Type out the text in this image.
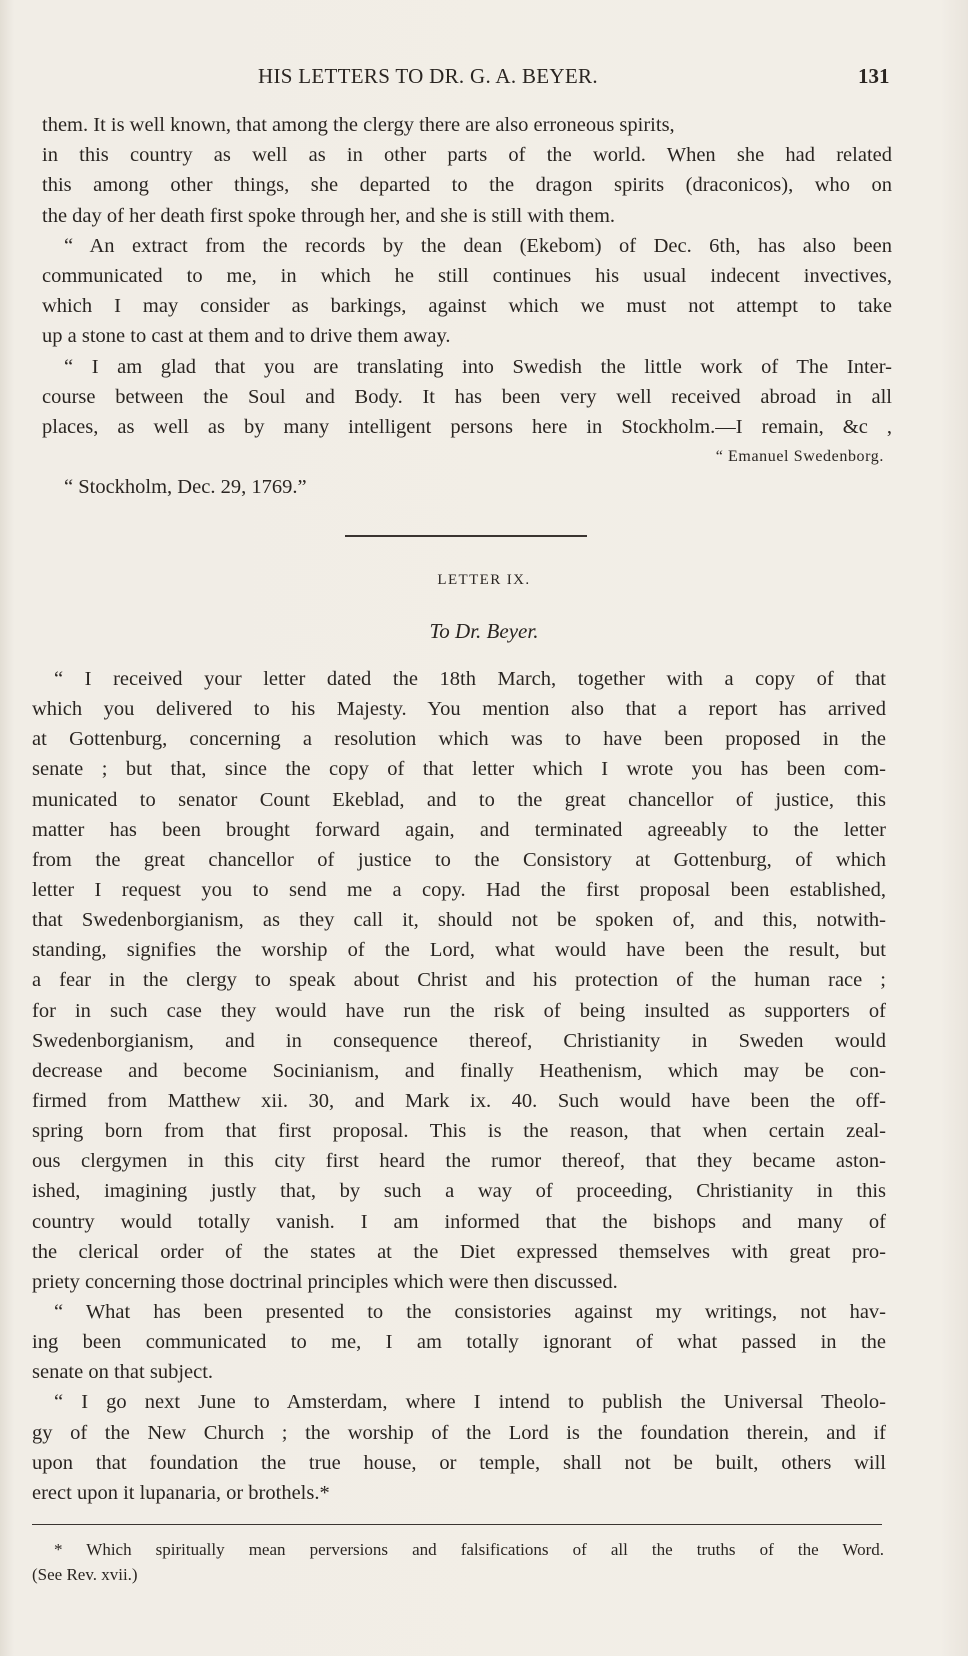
HIS LETTERS TO DR. G. A. BEYER.	131
them. It is well known, that among the clergy there are also erroneous spirits,
in this country as well as in other parts of the world. When she had related
this among other things, she departed to the dragon spirits (draconicos), who on
the day of her death first spoke through her, and she is still with them.
“ An extract from the records by the dean (Ekebom) of Dec. 6th, has also been
communicated to me, in which he still continues his usual indecent invectives,
which I may consider as barkings, against which we must not attempt to take
up a stone to cast at them and to drive them away.
“ I am glad that you are translating into Swedish the little work of The Inter-
course between the Soul and Body. It has been very well received abroad in all
places, as well as by many intelligent persons here in Stockholm.—I remain, &c ,
“ Emanuel Swedenborg.
“ Stockholm, Dec. 29, 1769.”
LETTER IX.
To Dr. Beyer.
“ I received your letter dated the 18th March, together with a copy of that
which you delivered to his Majesty. You mention also that a report has arrived
at Gottenburg, concerning a resolution which was to have been proposed in the
senate ; but that, since the copy of that letter which I wrote you has been com-
municated to senator Count Ekeblad, and to the great chancellor of justice, this
matter has been brought forward again, and terminated agreeably to the letter
from the great chancellor of justice to the Consistory at Gottenburg, of which
letter I request you to send me a copy. Had the first proposal been established,
that Swedenborgianism, as they call it, should not be spoken of, and this, notwith-
standing, signifies the worship of the Lord, what would have been the result, but
a fear in the clergy to speak about Christ and his protection of the human race ;
for in such case they would have run the risk of being insulted as supporters of
Swedenborgianism, and in consequence thereof, Christianity in Sweden would
decrease and become Socinianism, and finally Heathenism, which may be con-
firmed from Matthew xii. 30, and Mark ix. 40. Such would have been the off-
spring born from that first proposal. This is the reason, that when certain zeal-
ous clergymen in this city first heard the rumor thereof, that they became aston-
ished, imagining justly that, by such a way of proceeding, Christianity in this
country would totally vanish. I am informed that the bishops and many of
the clerical order of the states at the Diet expressed themselves with great pro-
priety concerning those doctrinal principles which were then discussed.
“ What has been presented to the consistories against my writings, not hav-
ing been communicated to me, I am totally ignorant of what passed in the
senate on that subject.
“ I go next June to Amsterdam, where I intend to publish the Universal Theolo-
gy of the New Church ; the worship of the Lord is the foundation therein, and if
upon that foundation the true house, or temple, shall not be built, others will
erect upon it lupanaria, or brothels.*
* Which spiritually mean perversions and falsifications of all the truths of the Word.
(See Rev. xvii.)
